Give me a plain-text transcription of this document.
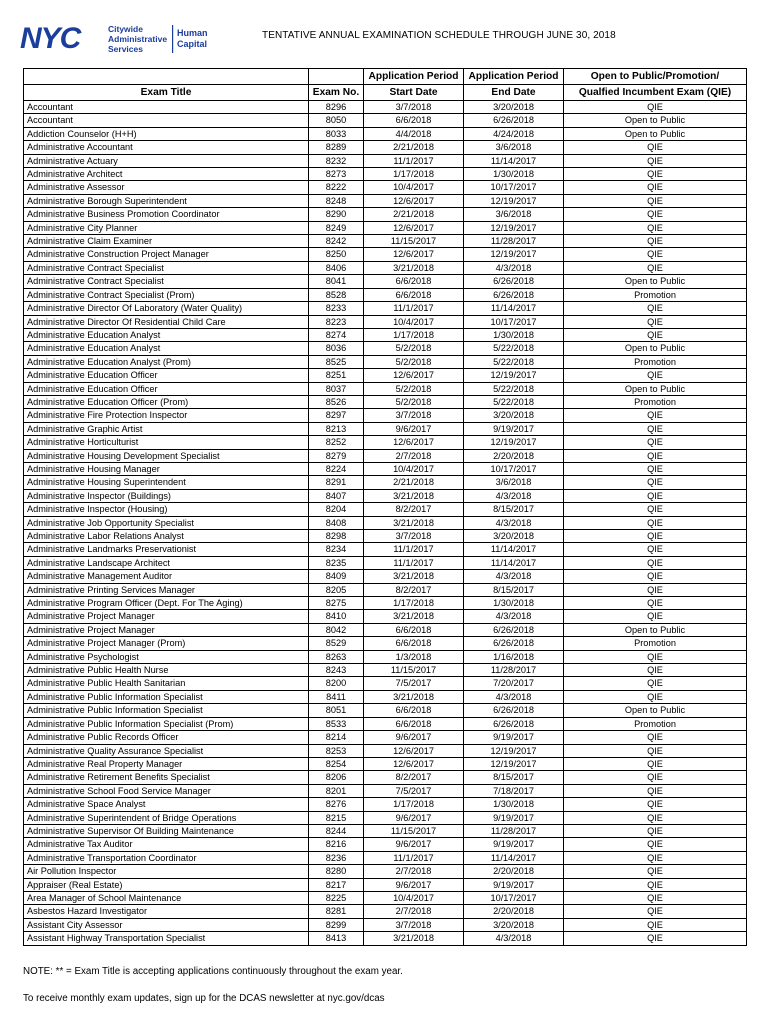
NYC	Citywide
Administrative
Services
Human
Capital
TENTATIVE ANNUAL EXAMINATION SCHEDULE THROUGH JUNE 30, 2018
		Application Period	Application Period	Open to Public/Promotion/
Exam Title	Exam No.	Start Date	End Date	Qualfied Incumbent Exam (QIE)
Accountant	8296	3/7/2018	3/20/2018	QIE
Accountant	8050	6/6/2018	6/26/2018	Open to Public
Addiction Counselor (H+H)	8033	4/4/2018	4/24/2018	Open to Public
Administrative Accountant	8289	2/21/2018	3/6/2018	QIE
Administrative Actuary	8232	11/1/2017	11/14/2017	QIE
Administrative Architect	8273	1/17/2018	1/30/2018	QIE
Administrative Assessor	8222	10/4/2017	10/17/2017	QIE
Administrative Borough Superintendent	8248	12/6/2017	12/19/2017	QIE
Administrative Business Promotion Coordinator	8290	2/21/2018	3/6/2018	QIE
Administrative City Planner	8249	12/6/2017	12/19/2017	QIE
Administrative Claim Examiner	8242	11/15/2017	11/28/2017	QIE
Administrative Construction Project Manager	8250	12/6/2017	12/19/2017	QIE
Administrative Contract Specialist	8406	3/21/2018	4/3/2018	QIE
Administrative Contract Specialist	8041	6/6/2018	6/26/2018	Open to Public
Administrative Contract Specialist (Prom)	8528	6/6/2018	6/26/2018	Promotion
Administrative Director Of Laboratory (Water Quality)	8233	11/1/2017	11/14/2017	QIE
Administrative Director Of Residential Child Care	8223	10/4/2017	10/17/2017	QIE
Administrative Education Analyst	8274	1/17/2018	1/30/2018	QIE
Administrative Education Analyst	8036	5/2/2018	5/22/2018	Open to Public
Administrative Education Analyst (Prom)	8525	5/2/2018	5/22/2018	Promotion
Administrative Education Officer	8251	12/6/2017	12/19/2017	QIE
Administrative Education Officer	8037	5/2/2018	5/22/2018	Open to Public
Administrative Education Officer (Prom)	8526	5/2/2018	5/22/2018	Promotion
Administrative Fire Protection Inspector	8297	3/7/2018	3/20/2018	QIE
Administrative Graphic Artist	8213	9/6/2017	9/19/2017	QIE
Administrative Horticulturist	8252	12/6/2017	12/19/2017	QIE
Administrative Housing Development Specialist	8279	2/7/2018	2/20/2018	QIE
Administrative Housing Manager	8224	10/4/2017	10/17/2017	QIE
Administrative Housing Superintendent	8291	2/21/2018	3/6/2018	QIE
Administrative Inspector (Buildings)	8407	3/21/2018	4/3/2018	QIE
Administrative Inspector (Housing)	8204	8/2/2017	8/15/2017	QIE
Administrative Job Opportunity Specialist	8408	3/21/2018	4/3/2018	QIE
Administrative Labor Relations Analyst	8298	3/7/2018	3/20/2018	QIE
Administrative Landmarks Preservationist	8234	11/1/2017	11/14/2017	QIE
Administrative Landscape Architect	8235	11/1/2017	11/14/2017	QIE
Administrative Management Auditor	8409	3/21/2018	4/3/2018	QIE
Administrative Printing Services Manager	8205	8/2/2017	8/15/2017	QIE
Administrative Program Officer (Dept. For The Aging)	8275	1/17/2018	1/30/2018	QIE
Administrative Project Manager	8410	3/21/2018	4/3/2018	QIE
Administrative Project Manager	8042	6/6/2018	6/26/2018	Open to Public
Administrative Project Manager (Prom)	8529	6/6/2018	6/26/2018	Promotion
Administrative Psychologist	8263	1/3/2018	1/16/2018	QIE
Administrative Public Health Nurse	8243	11/15/2017	11/28/2017	QIE
Administrative Public Health Sanitarian	8200	7/5/2017	7/20/2017	QIE
Administrative Public Information Specialist	8411	3/21/2018	4/3/2018	QIE
Administrative Public Information Specialist	8051	6/6/2018	6/26/2018	Open to Public
Administrative Public Information Specialist (Prom)	8533	6/6/2018	6/26/2018	Promotion
Administrative Public Records Officer	8214	9/6/2017	9/19/2017	QIE
Administrative Quality Assurance Specialist	8253	12/6/2017	12/19/2017	QIE
Administrative Real Property Manager	8254	12/6/2017	12/19/2017	QIE
Administrative Retirement Benefits Specialist	8206	8/2/2017	8/15/2017	QIE
Administrative School Food Service Manager	8201	7/5/2017	7/18/2017	QIE
Administrative Space Analyst	8276	1/17/2018	1/30/2018	QIE
Administrative Superintendent of Bridge Operations	8215	9/6/2017	9/19/2017	QIE
Administrative Supervisor Of Building Maintenance	8244	11/15/2017	11/28/2017	QIE
Administrative Tax Auditor	8216	9/6/2017	9/19/2017	QIE
Administrative Transportation Coordinator	8236	11/1/2017	11/14/2017	QIE
Air Pollution Inspector	8280	2/7/2018	2/20/2018	QIE
Appraiser (Real Estate)	8217	9/6/2017	9/19/2017	QIE
Area Manager of School Maintenance	8225	10/4/2017	10/17/2017	QIE
Asbestos Hazard Investigator	8281	2/7/2018	2/20/2018	QIE
Assistant City Assessor	8299	3/7/2018	3/20/2018	QIE
Assistant Highway Transportation Specialist	8413	3/21/2018	4/3/2018	QIE
NOTE: ** = Exam Title is accepting applications continuously throughout the exam year.
To receive monthly exam updates, sign up for the DCAS newsletter at nyc.gov/dcas
